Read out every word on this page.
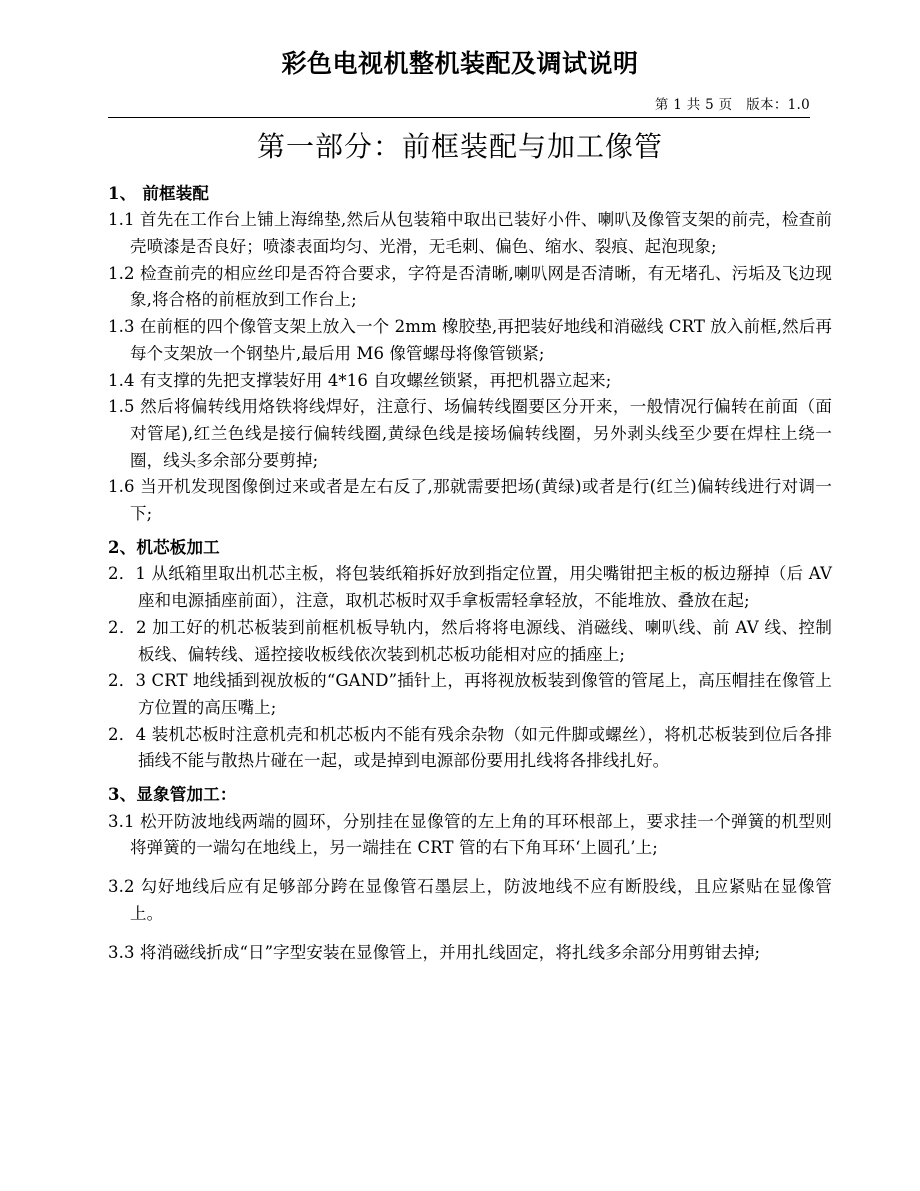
彩色电视机整机装配及调试说明
第 1 共 5 页   版本：1.0
第一部分：前框装配与加工像管
1、 前框装配

1.1 首先在工作台上铺上海绵垫,然后从包装箱中取出已装好小件、喇叭及像管支架的前壳，检查前壳喷漆是否良好；喷漆表面均匀、光滑，无毛刺、偏色、缩水、裂痕、起泡现象;

1.2 检查前壳的相应丝印是否符合要求，字符是否清晰,喇叭网是否清晰，有无堵孔、污垢及飞边现象,将合格的前框放到工作台上;

1.3 在前框的四个像管支架上放入一个 2mm 橡胶垫,再把装好地线和消磁线 CRT 放入前框,然后再每个支架放一个钢垫片,最后用 M6 像管螺母将像管锁紧;

1.4 有支撑的先把支撑装好用 4*16 自攻螺丝锁紧，再把机器立起来;

1.5 然后将偏转线用烙铁将线焊好，注意行、场偏转线圈要区分开来，一般情况行偏转在前面（面对管尾),红兰色线是接行偏转线圈,黄绿色线是接场偏转线圈，另外剥头线至少要在焊柱上绕一圈，线头多余部分要剪掉;

1.6 当开机发现图像倒过来或者是左右反了,那就需要把场(黄绿)或者是行(红兰)偏转线进行对调一下;

2、机芯板加工

2．1 从纸箱里取出机芯主板，将包装纸箱拆好放到指定位置，用尖嘴钳把主板的板边掰掉（后 AV 座和电源插座前面），注意，取机芯板时双手拿板需轻拿轻放，不能堆放、叠放在起;

2．2 加工好的机芯板装到前框机板导轨内，然后将将电源线、消磁线、喇叭线、前 AV 线、控制板线、偏转线、遥控接收板线依次装到机芯板功能相对应的插座上;

2．3 CRT 地线插到视放板的“GAND”插针上，再将视放板装到像管的管尾上，高压帽挂在像管上方位置的高压嘴上;

2．4 装机芯板时注意机壳和机芯板内不能有残余杂物（如元件脚或螺丝），将机芯板装到位后各排插线不能与散热片碰在一起，或是掉到电源部份要用扎线将各排线扎好。

3、显象管加工：

3.1 松开防波地线两端的圆环，分别挂在显像管的左上角的耳环根部上，要求挂一个弹簧的机型则将弹簧的一端勾在地线上，另一端挂在 CRT 管的右下角耳环‘上圆孔’上;

3.2 勾好地线后应有足够部分跨在显像管石墨层上，防波地线不应有断股线，且应紧贴在显像管上。

3.3 将消磁线折成“日”字型安装在显像管上，并用扎线固定，将扎线多余部分用剪钳去掉;
